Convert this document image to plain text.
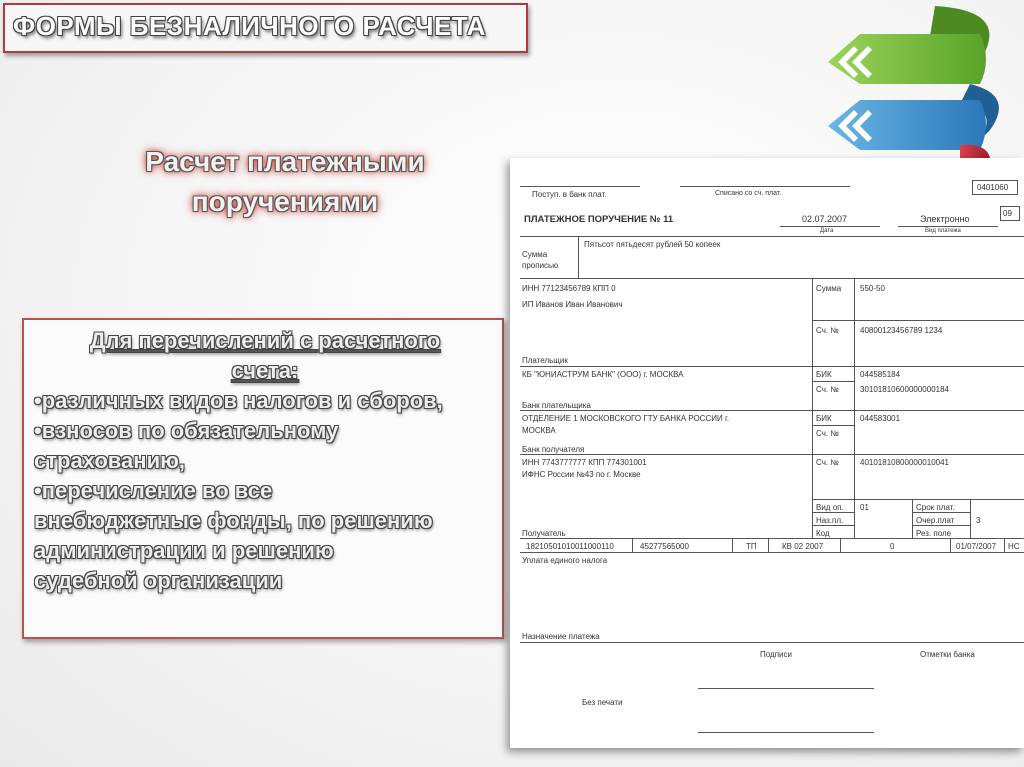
ФОРМЫ БЕЗНАЛИЧНОГО РАСЧЕТА
Расчет платежными
поручениями
Для перечислений с расчетного
счета:
•различных видов налогов и сборов,
•взносов по обязательному
страхованию,
•перечисление во все
внебюджетные фонды, по решению
администрации и решению
судебной организации
Поступ. в банк плат.	Списано со сч. плат.
0401060
09
ПЛАТЕЖНОЕ ПОРУЧЕНИЕ № 11	02.07.2007
Дата
Электронно
Вид платежа
Сумма
прописью
Пятьсот пятьдесят рублей 50 копеек
ИНН 77123456789 КПП 0
ИП Иванов Иван Иванович
Сумма 550-50
Сч. №	40800123456789 1234
Плательщик
КБ "ЮНИАСТРУМ БАНК" (ООО) г. МОСКВА	БИК	044585184
Сч. №	30101810600000000184
Банк плательщика
ОТДЕЛЕНИЕ 1 МОСКОВСКОГО ГТУ БАНКА РОССИИ г.
МОСКВА
БИК	044583001
Сч. №
Банк получателя
ИНН 7743777777 КПП 774301001
ИФНС России №43 по г. Москве
Сч. №	40101810800000010041
Вид оп. 01	Срок плат.
Наз.пл.	Очер.плат	3
Код	Рез. поле
Получатель
18210501010011000110	45277565000	ТП	КВ 02 2007	0	01/07/2007 НС
Уплата единого налога
Назначение платежа
Подписи	Отметки банка
Без печати
